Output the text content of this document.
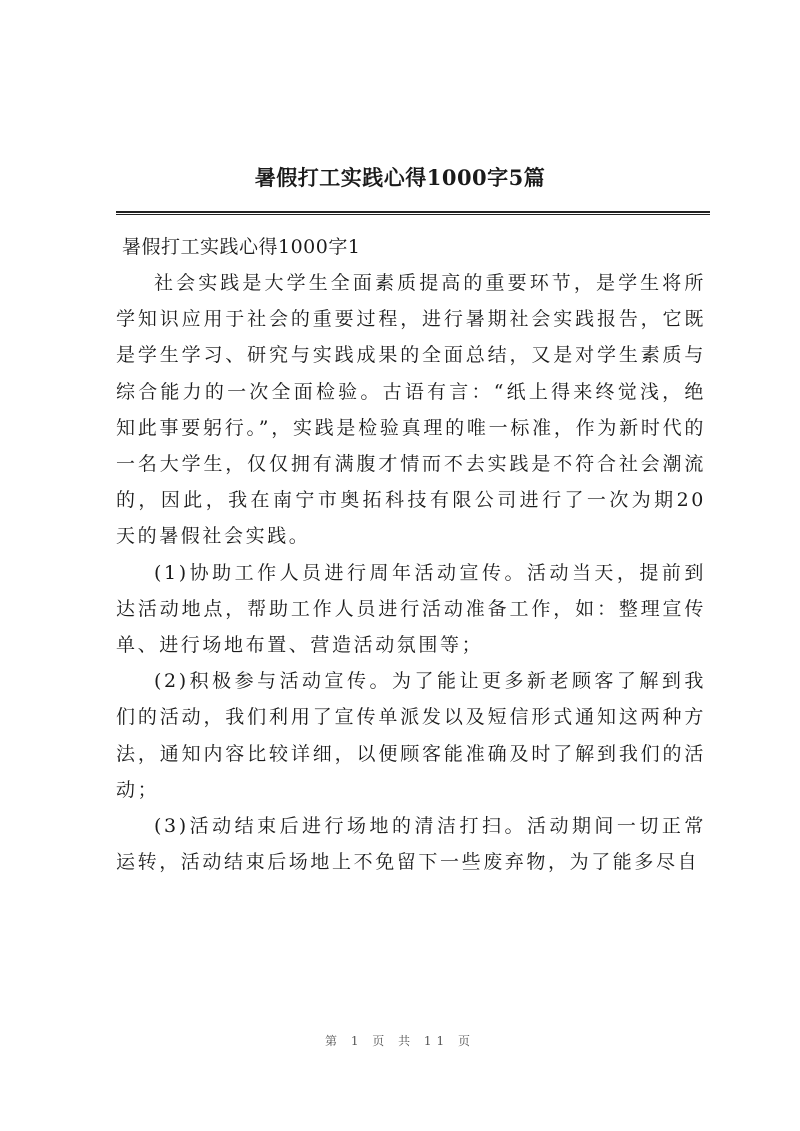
暑假打工实践心得1000字5篇

暑假打工实践心得1000字1

社会实践是大学生全面素质提高的重要环节，是学生将所学知识应用于社会的重要过程，进行暑期社会实践报告，它既是学生学习、研究与实践成果的全面总结，又是对学生素质与综合能力的一次全面检验。古语有言：“纸上得来终觉浅，绝知此事要躬行。”，实践是检验真理的唯一标准，作为新时代的一名大学生，仅仅拥有满腹才情而不去实践是不符合社会潮流的，因此，我在南宁市奥拓科技有限公司进行了一次为期20天的暑假社会实践。

(1)协助工作人员进行周年活动宣传。活动当天，提前到达活动地点，帮助工作人员进行活动准备工作，如：整理宣传单、进行场地布置、营造活动氛围等；

(2)积极参与活动宣传。为了能让更多新老顾客了解到我们的活动，我们利用了宣传单派发以及短信形式通知这两种方法，通知内容比较详细，以便顾客能准确及时了解到我们的活动；

(3)活动结束后进行场地的清洁打扫。活动期间一切正常运转，活动结束后场地上不免留下一些废弃物，为了能多尽自

第 1 页 共 11 页
